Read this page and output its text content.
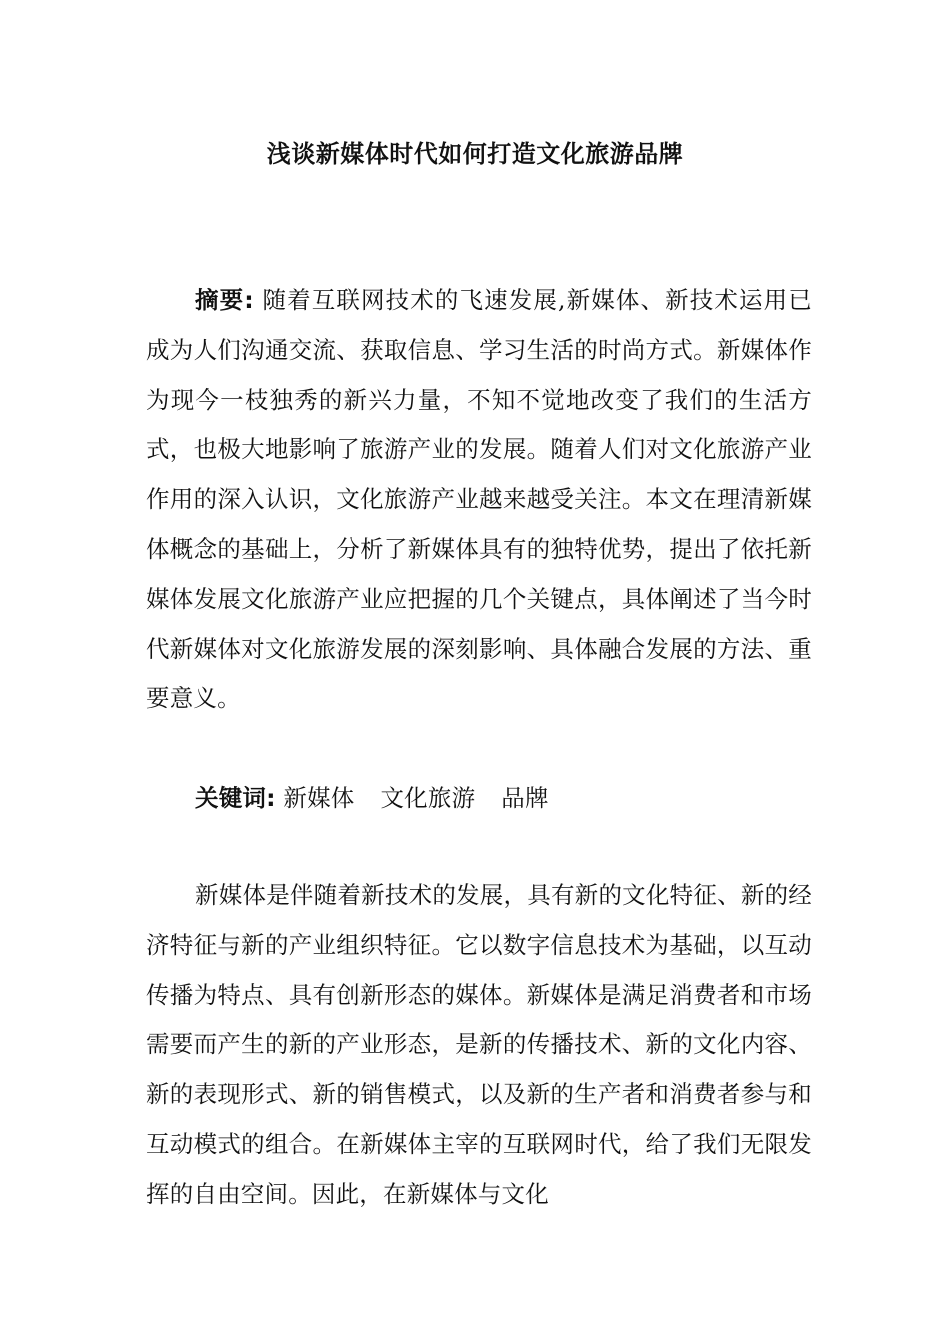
浅谈新媒体时代如何打造文化旅游品牌

摘要: 随着互联网技术的飞速发展,新媒体、新技术运用已成为人们沟通交流、获取信息、学习生活的时尚方式。新媒体作为现今一枝独秀的新兴力量，不知不觉地改变了我们的生活方式，也极大地影响了旅游产业的发展。随着人们对文化旅游产业作用的深入认识，文化旅游产业越来越受关注。本文在理清新媒体概念的基础上，分析了新媒体具有的独特优势，提出了依托新媒体发展文化旅游产业应把握的几个关键点，具体阐述了当今时代新媒体对文化旅游发展的深刻影响、具体融合发展的方法、重要意义。

关键词: 新媒体 文化旅游 品牌

新媒体是伴随着新技术的发展，具有新的文化特征、新的经济特征与新的产业组织特征。它以数字信息技术为基础，以互动传播为特点、具有创新形态的媒体。新媒体是满足消费者和市场需要而产生的新的产业形态，是新的传播技术、新的文化内容、新的表现形式、新的销售模式，以及新的生产者和消费者参与和互动模式的组合。在新媒体主宰的互联网时代，给了我们无限发挥的自由空间。因此，在新媒体与文化
